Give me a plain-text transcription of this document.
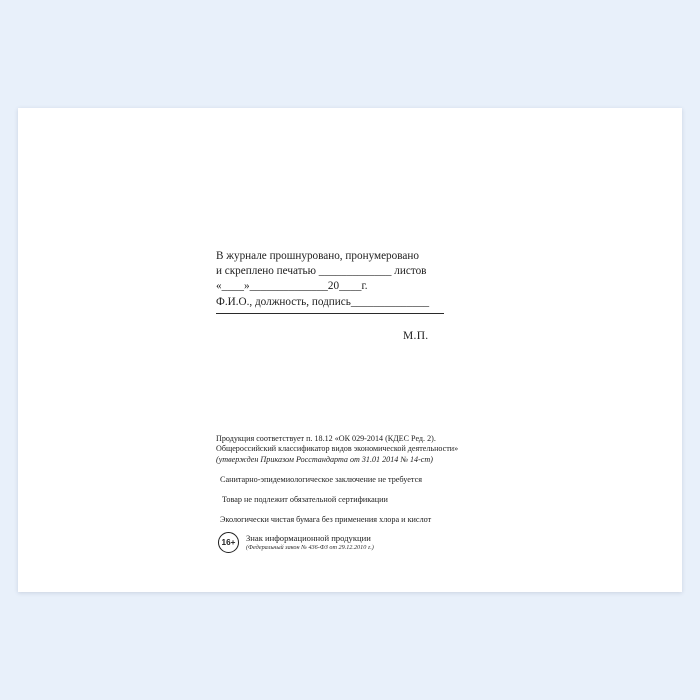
В журнале прошнуровано, пронумеровано
и скреплено печатью _____________ листов
«____»______________20____г.
Ф.И.О., должность, подпись______________
М.П.

Продукция соответствует п. 18.12 «ОК 029-2014 (КДЕС Ред. 2).
Общероссийский классификатор видов экономической деятельности»
(утвержден Приказом Росстандарта от 31.01 2014 № 14-ст)

Санитарно-эпидемиологическое заключение не требуется

Товар не подлежит обязательной сертификации

Экологически чистая бумага без применения хлора и кислот

16+	Знак информационной продукции
(Федеральный закон № 436-ФЗ от 29.12.2010 г.)
